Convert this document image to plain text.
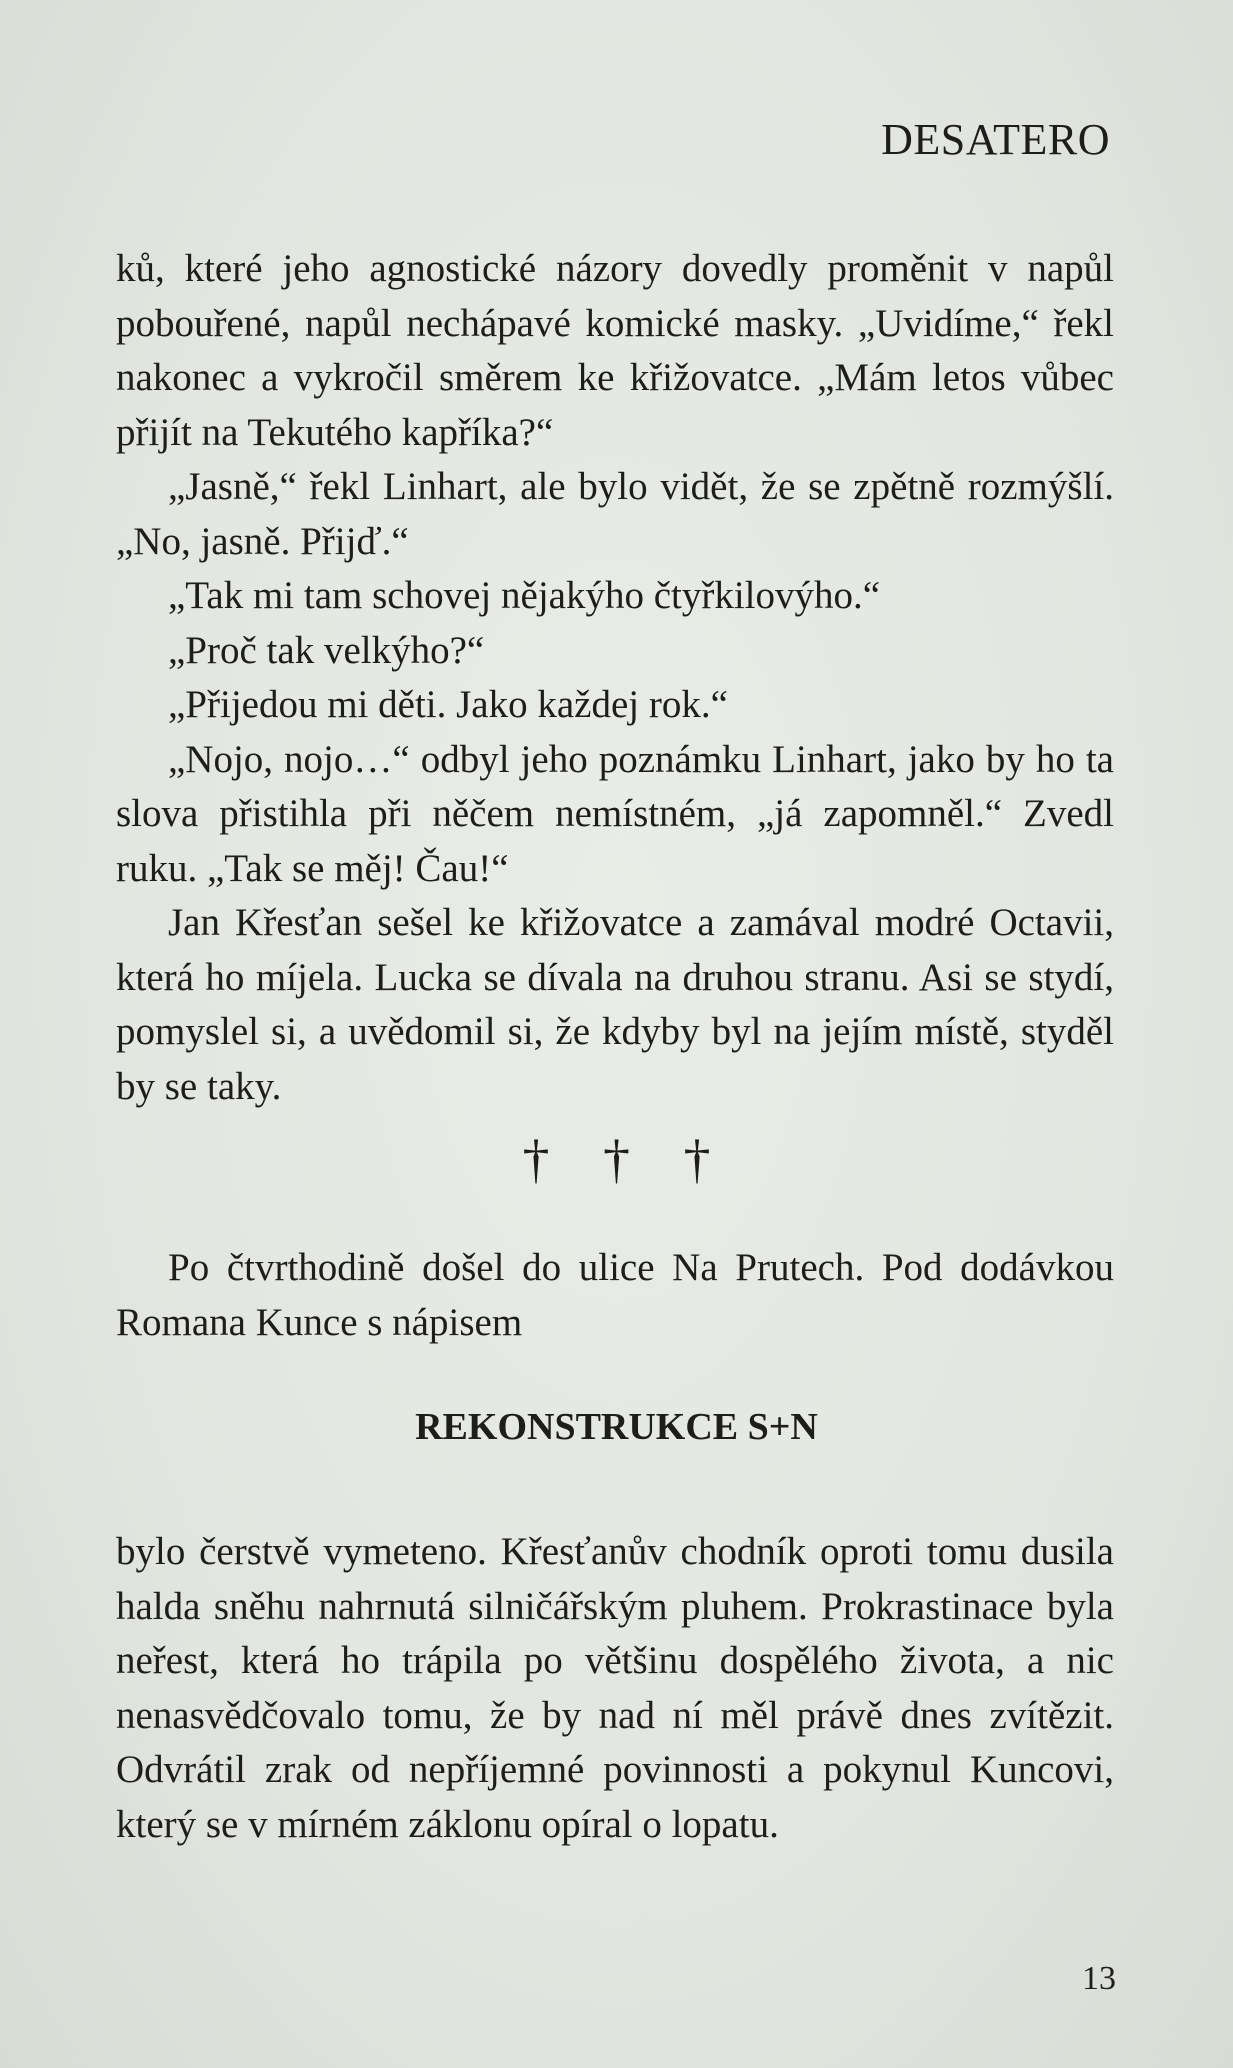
DESATERO

ků, které jeho agnostické názory dovedly proměnit v napůl pobouřené, napůl nechápavé komické masky. „Uvidíme,“ řekl nakonec a vykročil směrem ke křižovatce. „Mám letos vůbec přijít na Tekutého kapříka?“

„Jasně,“ řekl Linhart, ale bylo vidět, že se zpětně rozmýšlí. „No, jasně. Přijď.“

„Tak mi tam schovej nějakýho čtyřkilovýho.“

„Proč tak velkýho?“

„Přijedou mi děti. Jako každej rok.“

„Nojo, nojo…“ odbyl jeho poznámku Linhart, jako by ho ta slova přistihla při něčem nemístném, „já zapomněl.“ Zvedl ruku. „Tak se měj! Čau!“

Jan Křesťan sešel ke křižovatce a zamával modré Octavii, která ho míjela. Lucka se dívala na druhou stranu. Asi se stydí, pomyslel si, a uvědomil si, že kdyby byl na jejím místě, styděl by se taky.

† † †

Po čtvrthodině došel do ulice Na Prutech. Pod dodávkou Romana Kunce s nápisem

REKONSTRUKCE S+N

bylo čerstvě vymeteno. Křesťanův chodník oproti tomu dusila halda sněhu nahrnutá silničářským pluhem. Prokrastinace byla neřest, která ho trápila po většinu dospělého života, a nic nenasvědčovalo tomu, že by nad ní měl právě dnes zvítězit. Odvrátil zrak od nepříjemné povinnosti a pokynul Kuncovi, který se v mírném záklonu opíral o lopatu.

13
